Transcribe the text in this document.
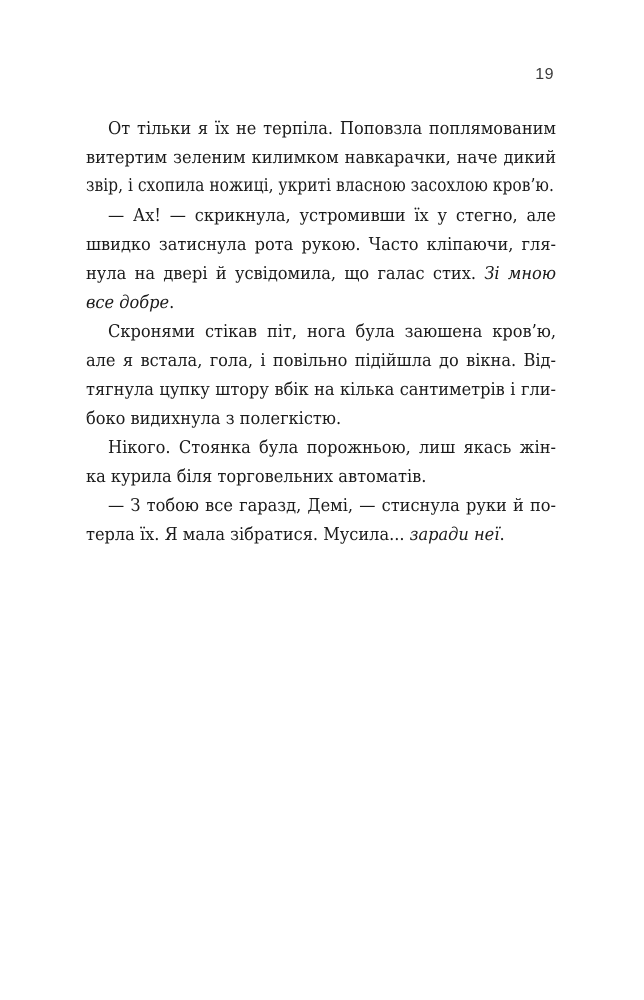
19
От тільки я їх не терпіла. Поповзла поплямованим
витертим зеленим килимком навкарачки, наче дикий
звір, і схопила ножиці, укриті власною засохлою кров’ю.
— Ах! — скрикнула, устромивши їх у стегно, але
швидко затиснула рота рукою. Часто кліпаючи, гля-
нула на двері й усвідомила, що галас стих. Зі мною
все добре.
Скронями стікав піт, нога була заюшена кров’ю,
але я встала, гола, і повільно підійшла до вікна. Від-
тягнула цупку штору вбік на кілька сантиметрів і гли-
боко видихнула з полегкістю.
Нікого. Стоянка була порожньою, лиш якась жін-
ка курила біля торговельних автоматів.
— З тобою все гаразд, Демі, — стиснула руки й по-
терла їх. Я мала зібратися. Мусила... заради неї.
